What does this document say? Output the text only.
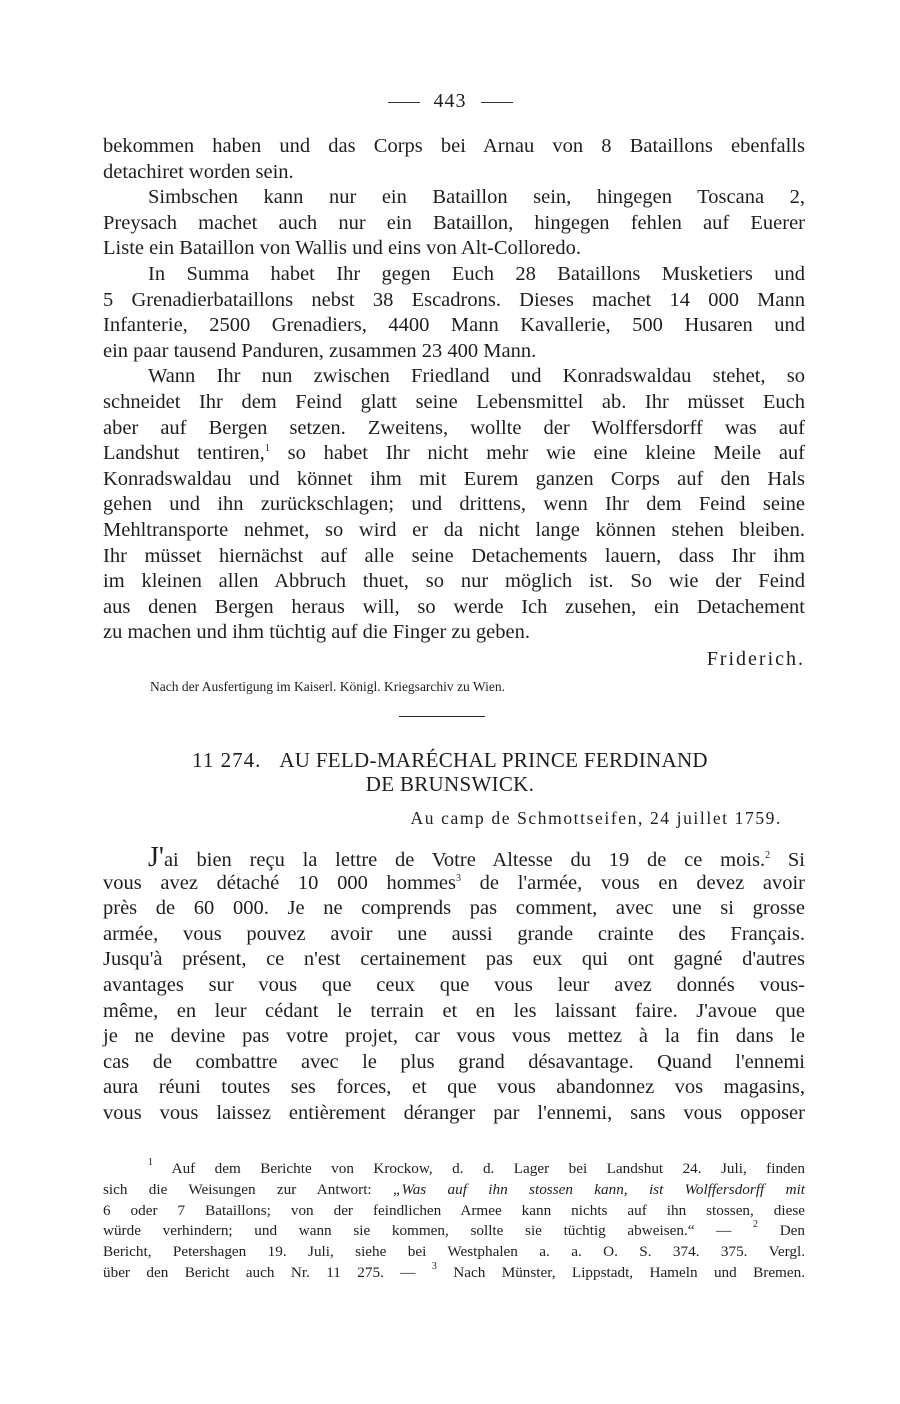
443
bekommen haben und das Corps bei Arnau von 8 Bataillons ebenfalls
detachiret worden sein.
Simbschen kann nur ein Bataillon sein, hingegen Toscana 2,
Preysach machet auch nur ein Bataillon, hingegen fehlen auf Euerer
Liste ein Bataillon von Wallis und eins von Alt-Colloredo.
In Summa habet Ihr gegen Euch 28 Bataillons Musketiers und
5 Grenadierbataillons nebst 38 Escadrons. Dieses machet 14 000 Mann
Infanterie, 2500 Grenadiers, 4400 Mann Kavallerie, 500 Husaren und
ein paar tausend Panduren, zusammen 23 400 Mann.
Wann Ihr nun zwischen Friedland und Konradswaldau stehet, so
schneidet Ihr dem Feind glatt seine Lebensmittel ab. Ihr müsset Euch
aber auf Bergen setzen. Zweitens, wollte der Wolffersdorff was auf
Landshut tentiren,$^1$ so habet Ihr nicht mehr wie eine kleine Meile auf
Konradswaldau und könnet ihm mit Eurem ganzen Corps auf den Hals
gehen und ihn zurückschlagen; und drittens, wenn Ihr dem Feind seine
Mehltransporte nehmet, so wird er da nicht lange können stehen bleiben.
Ihr müsset hiernächst auf alle seine Detachements lauern, dass Ihr ihm
im kleinen allen Abbruch thuet, so nur möglich ist. So wie der Feind
aus denen Bergen heraus will, so werde Ich zusehen, ein Detachement
zu machen und ihm tüchtig auf die Finger zu geben.
Friderich.
Nach der Ausfertigung im Kaiserl. Königl. Kriegsarchiv zu Wien.
11 274. AU FELD-MARÉCHAL PRINCE FERDINAND
DE BRUNSWICK.
Au camp de Schmottseifen, 24 juillet 1759.
J'ai bien reçu la lettre de Votre Altesse du 19 de ce mois.$^2$ Si
vous avez détaché 10 000 hommes$^3$ de l'armée, vous en devez avoir
près de 60 000. Je ne comprends pas comment, avec une si grosse
armée, vous pouvez avoir une aussi grande crainte des Français.
Jusqu'à présent, ce n'est certainement pas eux qui ont gagné d'autres
avantages sur vous que ceux que vous leur avez donnés vous-
même, en leur cédant le terrain et en les laissant faire. J'avoue que
je ne devine pas votre projet, car vous vous mettez à la fin dans le
cas de combattre avec le plus grand désavantage. Quand l'ennemi
aura réuni toutes ses forces, et que vous abandonnez vos magasins,
vous vous laissez entièrement déranger par l'ennemi, sans vous opposer
$^1$ Auf dem Berichte von Krockow, d. d. Lager bei Landshut 24. Juli, finden
sich die Weisungen zur Antwort: „Was auf ihn stossen kann, ist Wolffersdorff mit
6 oder 7 Bataillons; von der feindlichen Armee kann nichts auf ihn stossen, diese
würde verhindern; und wann sie kommen, sollte sie tüchtig abweisen.“ — $^2$ Den
Bericht, Petershagen 19. Juli, siehe bei Westphalen a. a. O. S. 374. 375. Vergl.
über den Bericht auch Nr. 11 275. — $^3$ Nach Münster, Lippstadt, Hameln und Bremen.
